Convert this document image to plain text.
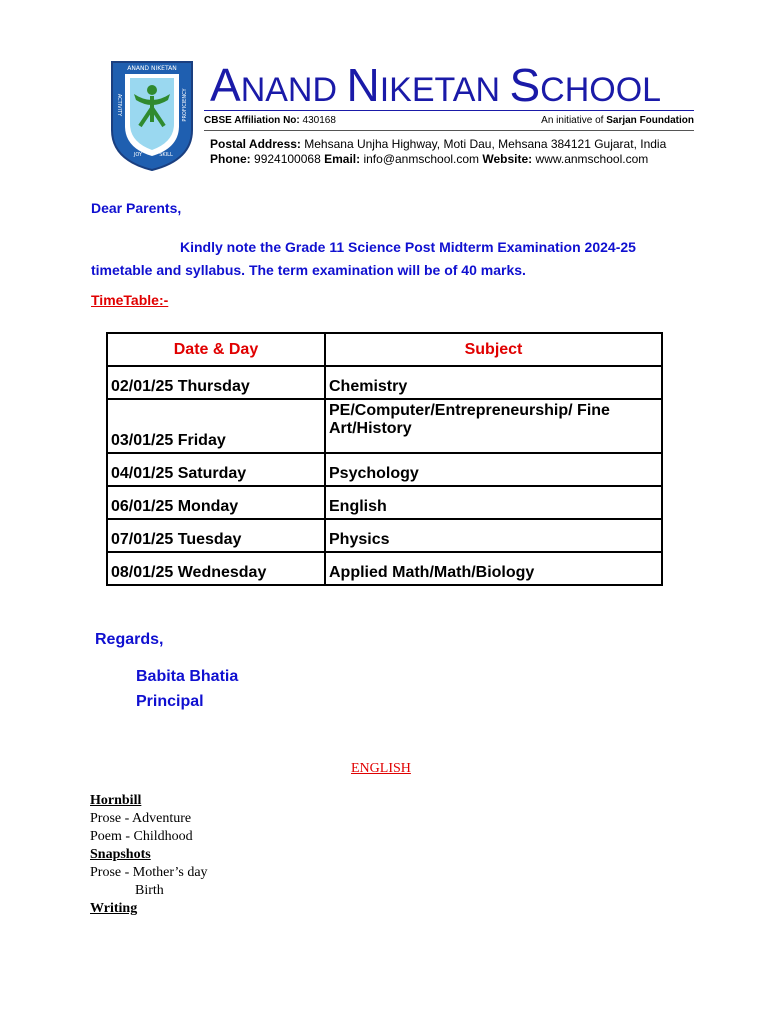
ANAND NIKETAN
ACTIVITY	PROFICIENCY
JOY	SKILL
ANAND NIKETAN SCHOOL
CBSE Affiliation No: 430168	An initiative of Sarjan Foundation
Postal Address: Mehsana Unjha Highway, Moti Dau, Mehsana 384121 Gujarat, India
Phone: 9924100068 Email: info@anmschool.com Website: www.anmschool.com
Dear Parents,
Kindly note the Grade 11 Science Post Midterm Examination 2024-25 timetable and syllabus. The term examination will be of 40 marks.
TimeTable:-
Date & Day	Subject
02/01/25 Thursday	Chemistry
03/01/25 Friday	PE/Computer/Entrepreneurship/ Fine Art/History
04/01/25 Saturday	Psychology
06/01/25 Monday	English
07/01/25 Tuesday	Physics
08/01/25 Wednesday	Applied Math/Math/Biology
Regards,
Babita Bhatia
Principal
ENGLISH
Hornbill
Prose - Adventure
Poem - Childhood
Snapshots
Prose - Mother’s day
Birth
Writing
